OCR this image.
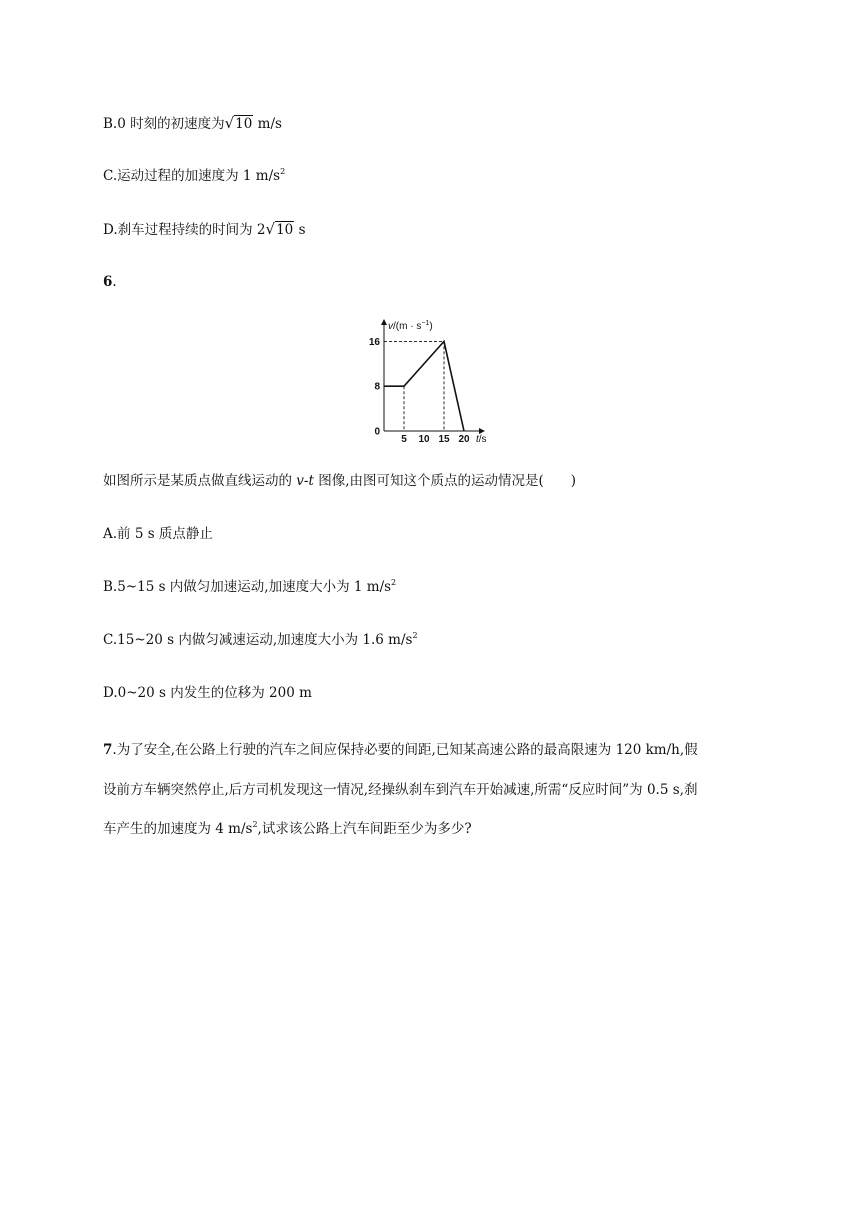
B.0 时刻的初速度为√10 m/s
C.运动过程的加速度为 1 $m/s^2$
D.刹车过程持续的时间为 2√10 s
6.
$v/(m \cdot s^{-1})$
t/s
5 10 15 20
0
8
16
如图所示是某质点做直线运动的 v-t 图像,由图可知这个质点的运动情况是(　　)
A.前 5 s 质点静止
B.5~15 s 内做匀加速运动,加速度大小为 1 $m/s^2$
C.15~20 s 内做匀减速运动,加速度大小为 1.6 $m/s^2$
D.0~20 s 内发生的位移为 200 m
7.为了安全,在公路上行驶的汽车之间应保持必要的间距,已知某高速公路的最高限速为 120 km/h,假
设前方车辆突然停止,后方司机发现这一情况,经操纵刹车到汽车开始减速,所需“反应时间”为 0.5 s,刹
车产生的加速度为 4 $m/s^2$,试求该公路上汽车间距至少为多少?
